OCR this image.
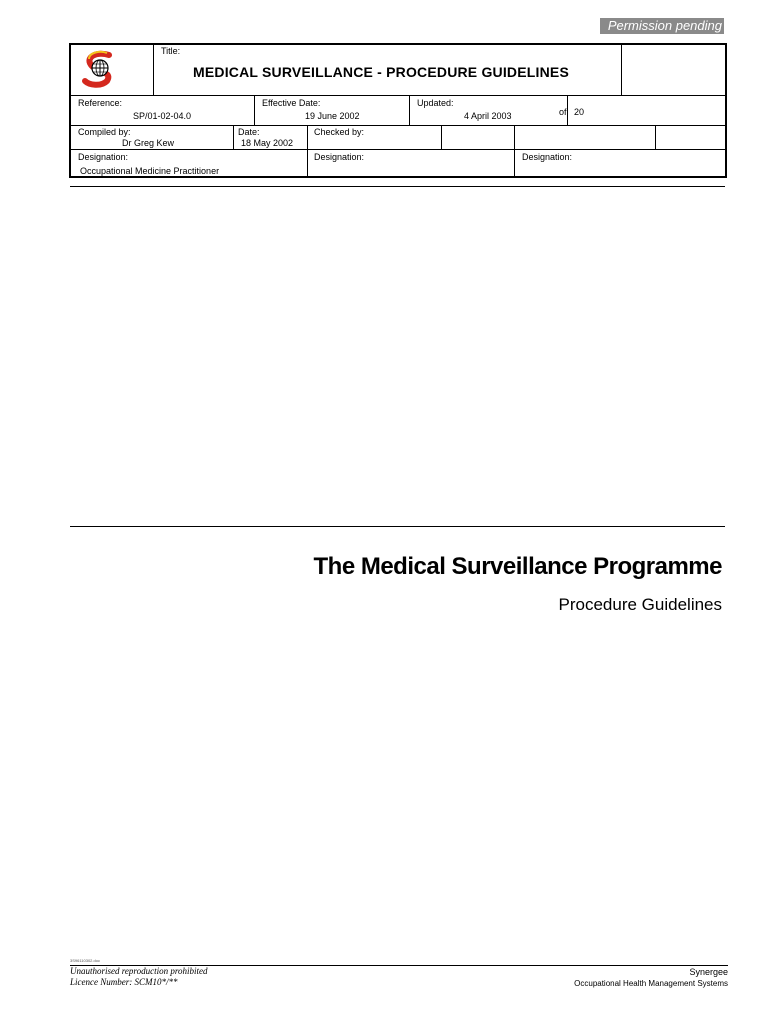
Permission pending
Title:
MEDICAL SURVEILLANCE - PROCEDURE GUIDELINES
Reference:
SP/01-02-04.0
Effective Date:
19 June 2002
Updated:
4 April 2003	of 20
Compiled by:
Dr Greg Kew
Date:
18 May 2002
Checked by:
Designation:
Occupational Medicine Practitioner
Designation:	Designation:
The Medical Surveillance Programme
Procedure Guidelines
3S96110302.doc
Unauthorised reproduction prohibited
Licence Number: SCM10*/**
Synergee
Occupational Health Management Systems
